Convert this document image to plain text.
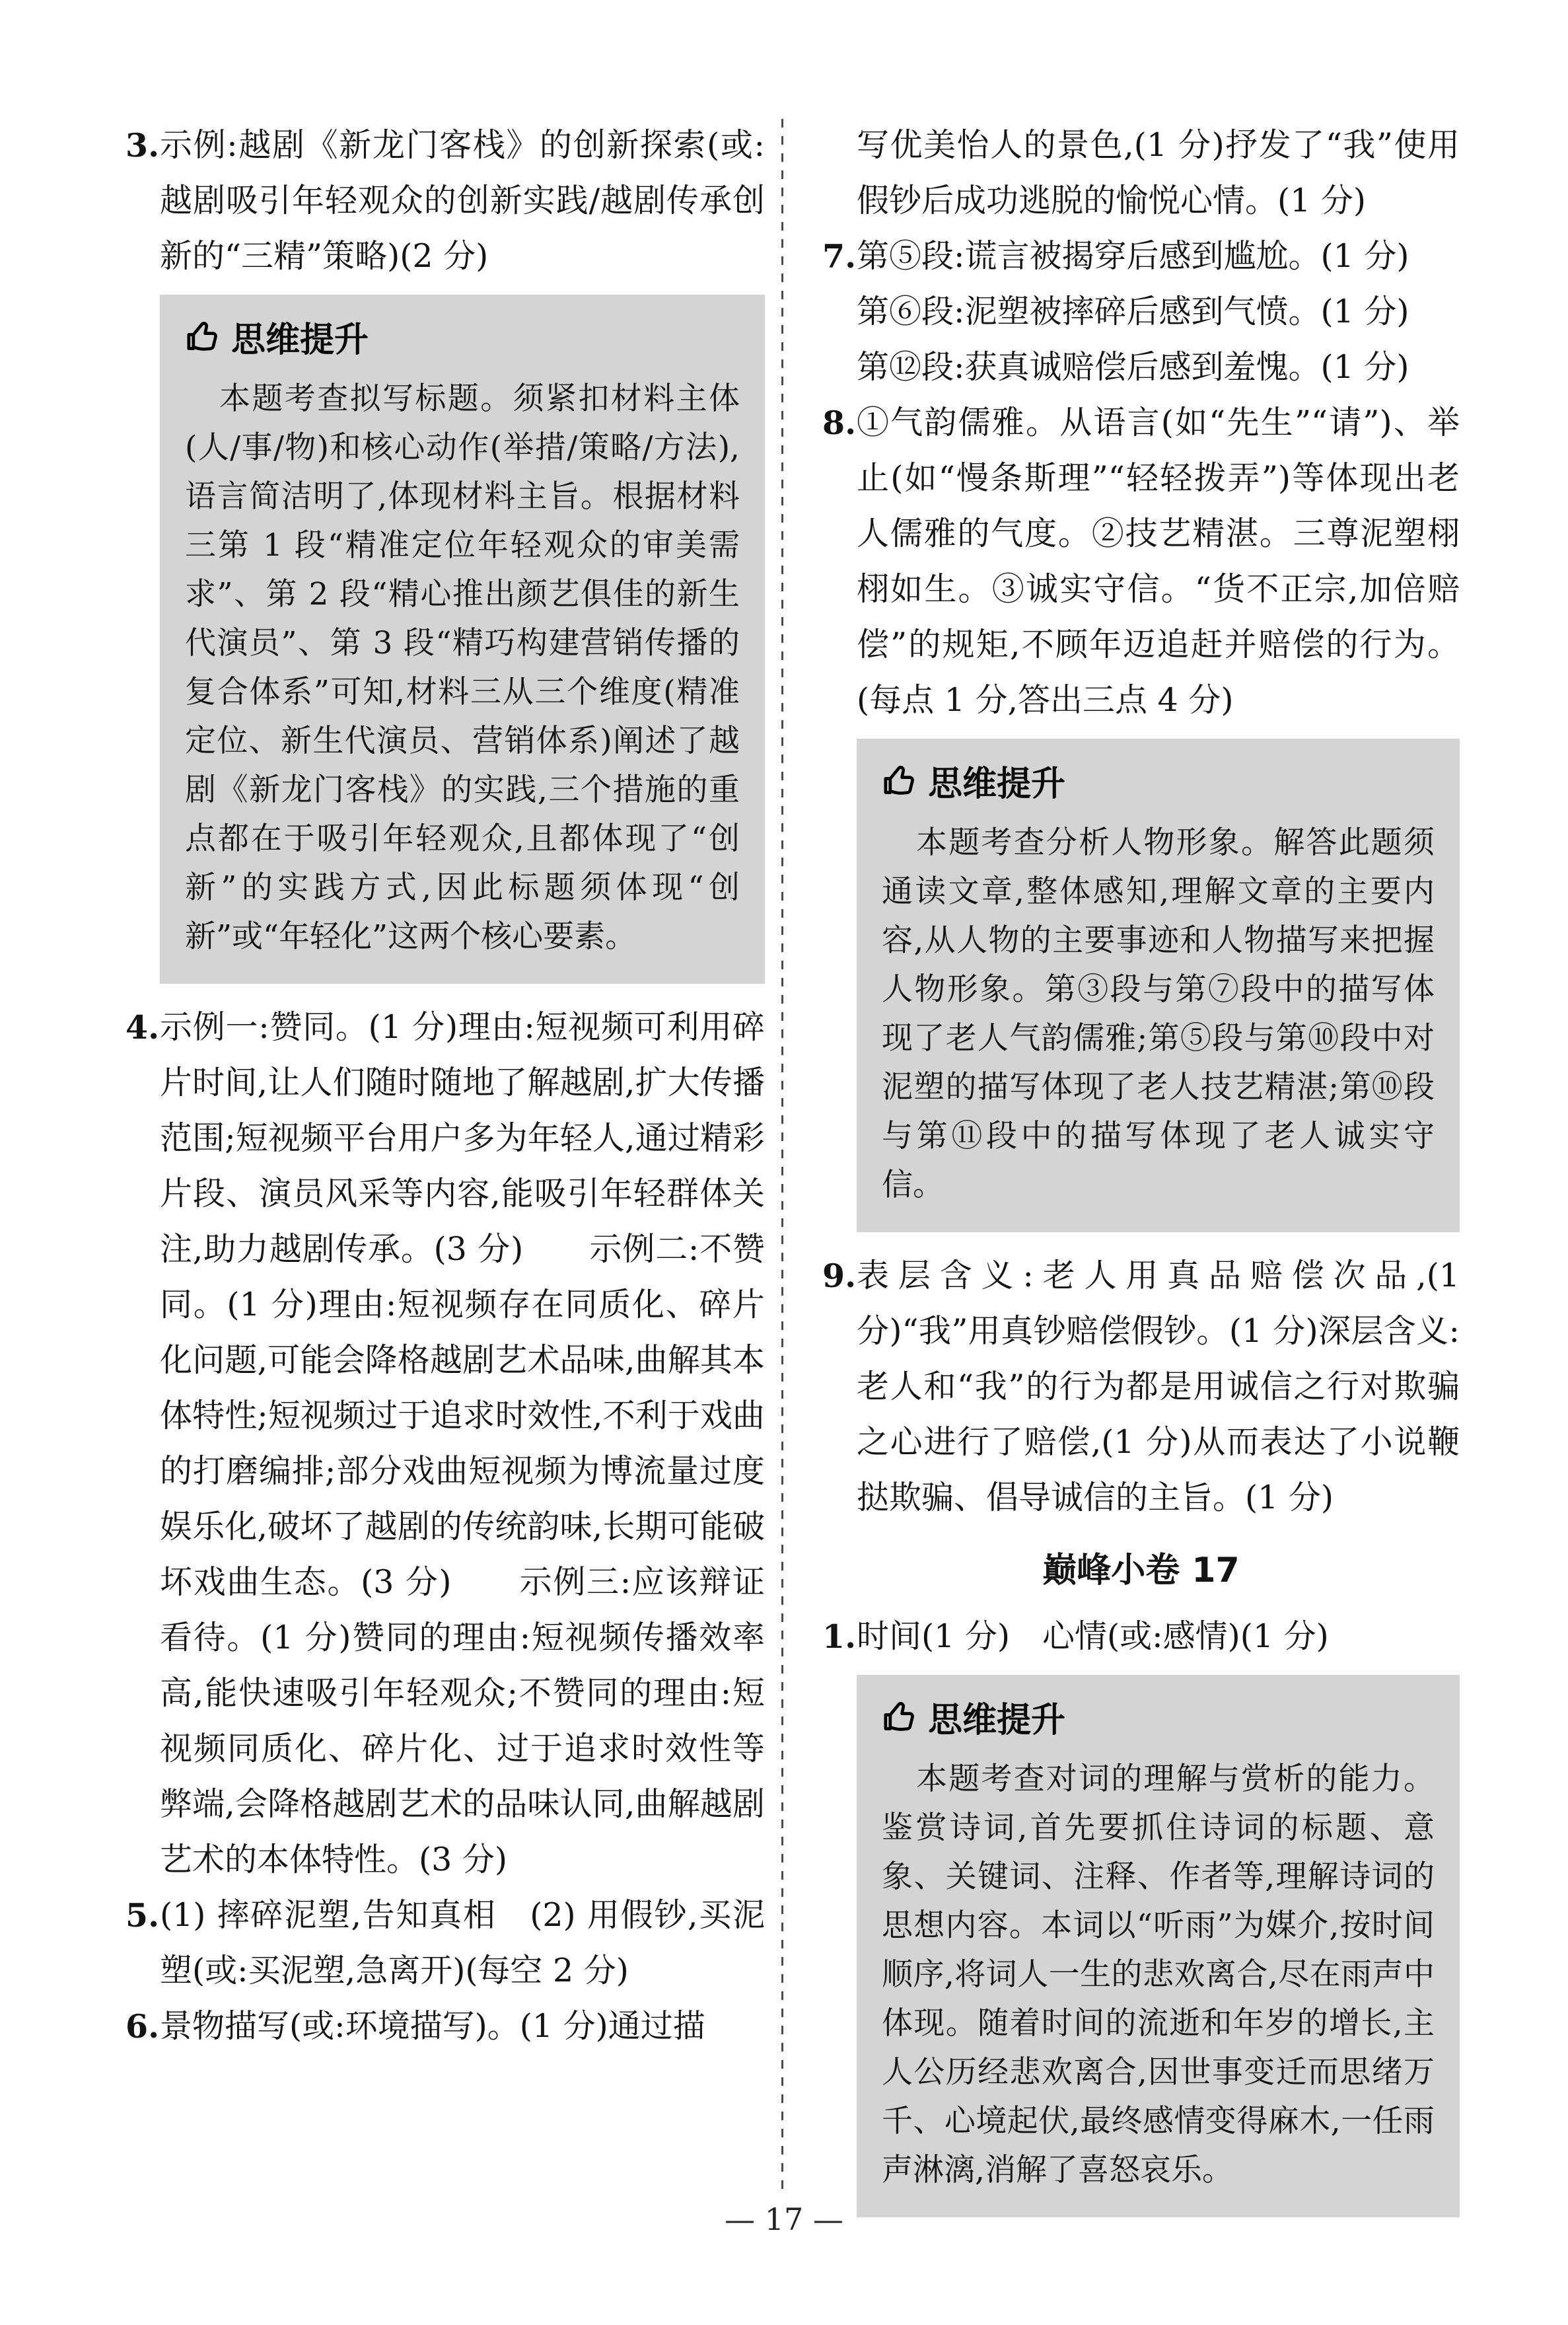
3. 示例:越剧《新龙门客栈》的创新探索(或:越剧吸引年轻观众的创新实践/越剧传承创新的“三精”策略)(2 分)
思维提升
本题考查拟写标题。须紧扣材料主体(人/事/物)和核心动作(举措/策略/方法),语言简洁明了,体现材料主旨。根据材料三第 1 段“精准定位年轻观众的审美需求”、第 2 段“精心推出颜艺俱佳的新生代演员”、第 3 段“精巧构建营销传播的复合体系”可知,材料三从三个维度(精准定位、新生代演员、营销体系)阐述了越剧《新龙门客栈》的实践,三个措施的重点都在于吸引年轻观众,且都体现了“创新”的实践方式,因此标题须体现“创新”或“年轻化”这两个核心要素。
4. 示例一:赞同。(1 分)理由:短视频可利用碎片时间,让人们随时随地了解越剧,扩大传播范围;短视频平台用户多为年轻人,通过精彩片段、演员风采等内容,能吸引年轻群体关注,助力越剧传承。(3 分)　　示例二:不赞同。(1 分)理由:短视频存在同质化、碎片化问题,可能会降格越剧艺术品味,曲解其本体特性;短视频过于追求时效性,不利于戏曲的打磨编排;部分戏曲短视频为博流量过度娱乐化,破坏了越剧的传统韵味,长期可能破坏戏曲生态。(3 分)　　示例三:应该辩证看待。(1 分)赞同的理由:短视频传播效率高,能快速吸引年轻观众;不赞同的理由:短视频同质化、碎片化、过于追求时效性等弊端,会降格越剧艺术的品味认同,曲解越剧艺术的本体特性。(3 分)
5. (1) 摔碎泥塑,告知真相　(2) 用假钞,买泥塑(或:买泥塑,急离开)(每空 2 分)
6. 景物描写(或:环境描写)。(1 分)通过描
写优美怡人的景色,(1 分)抒发了“我”使用假钞后成功逃脱的愉悦心情。(1 分)
7. 第⑤段:谎言被揭穿后感到尴尬。(1 分)
第⑥段:泥塑被摔碎后感到气愤。(1 分)
第⑫段:获真诚赔偿后感到羞愧。(1 分)
8. ①气韵儒雅。从语言(如“先生”“请”)、举止(如“慢条斯理”“轻轻拨弄”)等体现出老人儒雅的气度。②技艺精湛。三尊泥塑栩栩如生。③诚实守信。“货不正宗,加倍赔偿”的规矩,不顾年迈追赶并赔偿的行为。(每点 1 分,答出三点 4 分)
思维提升
本题考查分析人物形象。解答此题须通读文章,整体感知,理解文章的主要内容,从人物的主要事迹和人物描写来把握人物形象。第③段与第⑦段中的描写体现了老人气韵儒雅;第⑤段与第⑩段中对泥塑的描写体现了老人技艺精湛;第⑩段与第⑪段中的描写体现了老人诚实守信。
9. 表层含义:老人用真品赔偿次品,(1 分)“我”用真钞赔偿假钞。(1 分)深层含义:老人和“我”的行为都是用诚信之行对欺骗之心进行了赔偿,(1 分)从而表达了小说鞭挞欺骗、倡导诚信的主旨。(1 分)
巅峰小卷 17
1. 时间(1 分)　心情(或:感情)(1 分)
思维提升
本题考查对词的理解与赏析的能力。鉴赏诗词,首先要抓住诗词的标题、意象、关键词、注释、作者等,理解诗词的思想内容。本词以“听雨”为媒介,按时间顺序,将词人一生的悲欢离合,尽在雨声中体现。随着时间的流逝和年岁的增长,主人公历经悲欢离合,因世事变迁而思绪万千、心境起伏,最终感情变得麻木,一任雨声淋漓,消解了喜怒哀乐。
— 17 —
